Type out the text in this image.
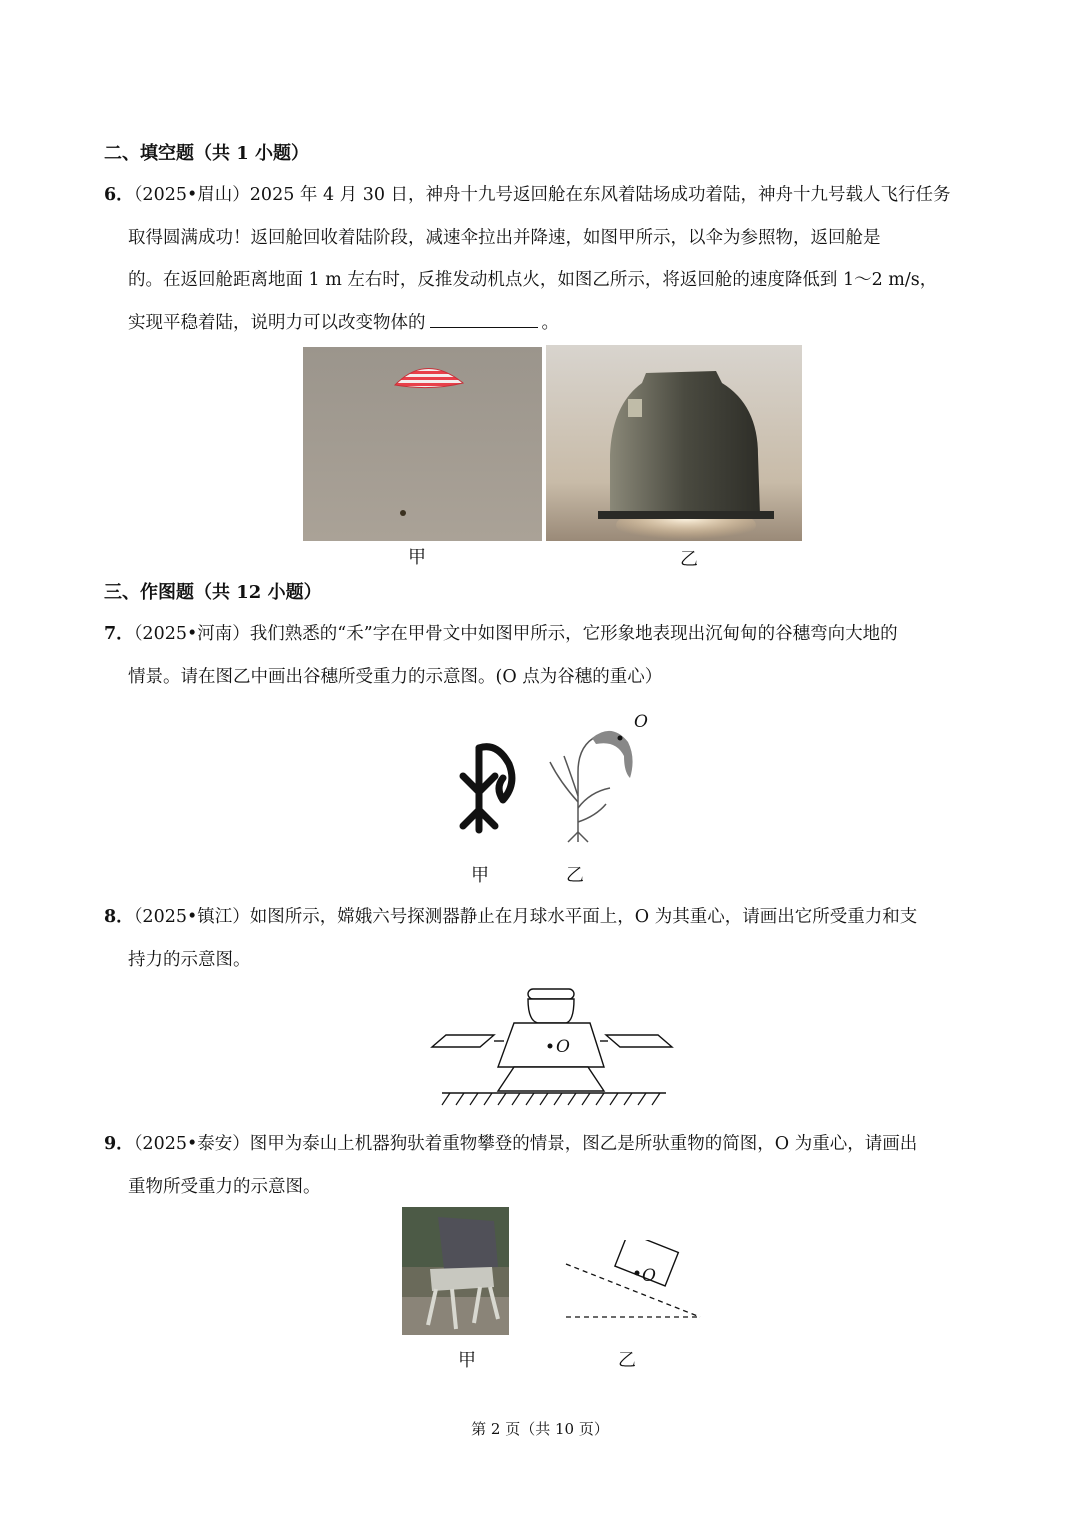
二、填空题（共 1 小题）
6．（2025•眉山）2025 年 4 月 30 日，神舟十九号返回舱在东风着陆场成功着陆，神舟十九号载人飞行任务
取得圆满成功！返回舱回收着陆阶段，减速伞拉出并降速，如图甲所示，以伞为参照物，返回舱是
的。在返回舱距离地面 1 m 左右时，反推发动机点火，如图乙所示，将返回舱的速度降低到 1～2 m/s，
实现平稳着陆，说明力可以改变物体的	。
甲	乙
三、作图题（共 12 小题）
7．（2025•河南）我们熟悉的“禾”字在甲骨文中如图甲所示，它形象地表现出沉甸甸的谷穗弯向大地的
情景。请在图乙中画出谷穗所受重力的示意图。(O 点为谷穗的重心）
O
甲	乙
8．（2025•镇江）如图所示，嫦娥六号探测器静止在月球水平面上，O 为其重心，请画出它所受重力和支
持力的示意图。
O
9．（2025•泰安）图甲为泰山上机器狗驮着重物攀登的情景，图乙是所驮重物的简图，O 为重心，请画出
重物所受重力的示意图。
O
甲	乙
第 2 页（共 10 页）
